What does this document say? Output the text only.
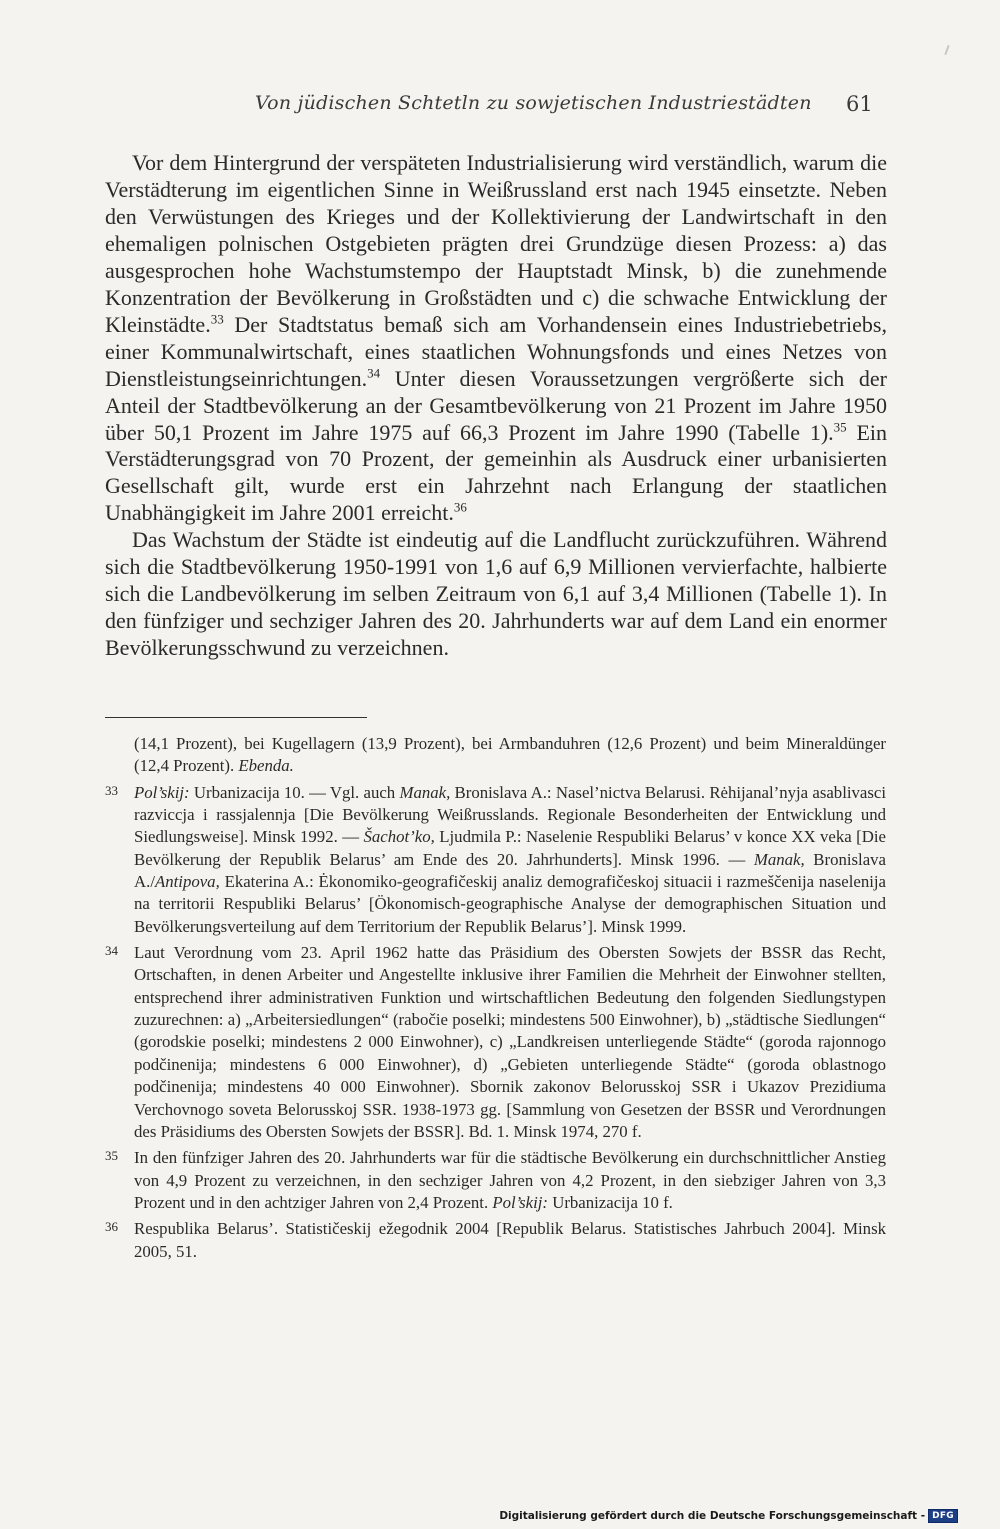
Von jüdischen Schtetln zu sowjetischen Industriestädten 61

Vor dem Hintergrund der verspäteten Industrialisierung wird verständlich, warum die Verstädterung im eigentlichen Sinne in Weißrussland erst nach 1945 einsetzte. Neben den Verwüstungen des Krieges und der Kollektivierung der Landwirtschaft in den ehemaligen polnischen Ostgebieten prägten drei Grundzüge diesen Prozess: a) das ausgesprochen hohe Wachstumstempo der Hauptstadt Minsk, b) die zunehmende Konzentration der Bevölkerung in Großstädten und c) die schwache Entwicklung der Kleinstädte.$^{33}$ Der Stadtstatus bemaß sich am Vorhandensein eines Industriebetriebs, einer Kommunalwirtschaft, eines staatlichen Wohnungsfonds und eines Netzes von Dienstleistungseinrichtungen.$^{34}$ Unter diesen Voraussetzungen vergrößerte sich der Anteil der Stadtbevölkerung an der Gesamtbevölkerung von 21 Prozent im Jahre 1950 über 50,1 Prozent im Jahre 1975 auf 66,3 Prozent im Jahre 1990 (Tabelle 1).$^{35}$ Ein Verstädterungsgrad von 70 Prozent, der gemeinhin als Ausdruck einer urbanisierten Gesellschaft gilt, wurde erst ein Jahrzehnt nach Erlangung der staatlichen Unabhängigkeit im Jahre 2001 erreicht.$^{36}$

Das Wachstum der Städte ist eindeutig auf die Landflucht zurückzuführen. Während sich die Stadtbevölkerung 1950-1991 von 1,6 auf 6,9 Millionen vervierfachte, halbierte sich die Landbevölkerung im selben Zeitraum von 6,1 auf 3,4 Millionen (Tabelle 1). In den fünfziger und sechziger Jahren des 20. Jahrhunderts war auf dem Land ein enormer Bevölkerungsschwund zu verzeichnen.

(14,1 Prozent), bei Kugellagern (13,9 Prozent), bei Armbanduhren (12,6 Prozent) und beim Mineraldünger (12,4 Prozent). Ebenda.
33 Pol’skij: Urbanizacija 10. — Vgl. auch Manak, Bronislava A.: Nasel’nictva Belarusi. Rėhijanal’nyja asablivasci razviccja i rassjalennja [Die Bevölkerung Weißrusslands. Regionale Besonderheiten der Entwicklung und Siedlungsweise]. Minsk 1992. — Šachot’ko, Ljudmila P.: Naselenie Respubliki Belarus’ v konce XX veka [Die Bevölkerung der Republik Belarus’ am Ende des 20. Jahrhunderts]. Minsk 1996. — Manak, Bronislava A./Antipova, Ekaterina A.: Ėkonomiko-geografičeskij analiz demografičeskoj situacii i razmeščenija naselenija na territorii Respubliki Belarus’ [Ökonomisch-geographische Analyse der demographischen Situation und Bevölkerungsverteilung auf dem Territorium der Republik Belarus’]. Minsk 1999.
34 Laut Verordnung vom 23. April 1962 hatte das Präsidium des Obersten Sowjets der BSSR das Recht, Ortschaften, in denen Arbeiter und Angestellte inklusive ihrer Familien die Mehrheit der Einwohner stellten, entsprechend ihrer administrativen Funktion und wirtschaftlichen Bedeutung den folgenden Siedlungstypen zuzurechnen: a) „Arbeitersiedlungen“ (rabočie poselki; mindestens 500 Einwohner), b) „städtische Siedlungen“ (gorodskie poselki; mindestens 2 000 Einwohner), c) „Landkreisen unterliegende Städte“ (goroda rajonnogo podčinenija; mindestens 6 000 Einwohner), d) „Gebieten unterliegende Städte“ (goroda oblastnogo podčinenija; mindestens 40 000 Einwohner). Sbornik zakonov Belorusskoj SSR i Ukazov Prezidiuma Verchovnogo soveta Belorusskoj SSR. 1938-1973 gg. [Sammlung von Gesetzen der BSSR und Verordnungen des Präsidiums des Obersten Sowjets der BSSR]. Bd. 1. Minsk 1974, 270 f.
35 In den fünfziger Jahren des 20. Jahrhunderts war für die städtische Bevölkerung ein durchschnittlicher Anstieg von 4,9 Prozent zu verzeichnen, in den sechziger Jahren von 4,2 Prozent, in den siebziger Jahren von 3,3 Prozent und in den achtziger Jahren von 2,4 Prozent. Pol’skij: Urbanizacija 10 f.
36 Respublika Belarus’. Statističeskij ežegodnik 2004 [Republik Belarus. Statistisches Jahrbuch 2004]. Minsk 2005, 51.
Digitalisierung gefördert durch die Deutsche Forschungsgemeinschaft - DFG
